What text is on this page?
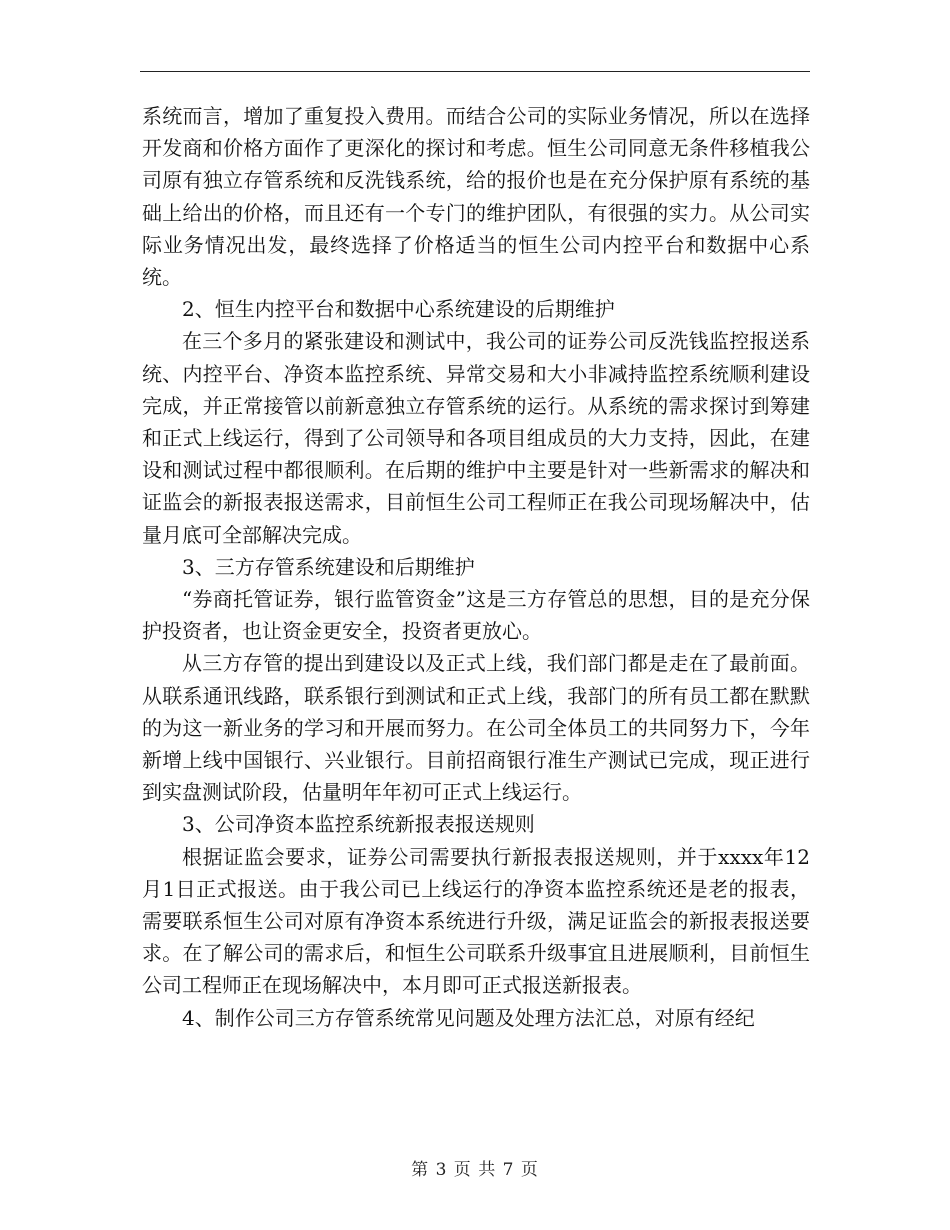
系统而言，增加了重复投入费用。而结合公司的实际业务情况，所以在选择开发商和价格方面作了更深化的探讨和考虑。恒生公司同意无条件移植我公司原有独立存管系统和反洗钱系统，给的报价也是在充分保护原有系统的基础上给出的价格，而且还有一个专门的维护团队，有很强的实力。从公司实际业务情况出发，最终选择了价格适当的恒生公司内控平台和数据中心系统。

2、恒生内控平台和数据中心系统建设的后期维护

在三个多月的紧张建设和测试中，我公司的证券公司反洗钱监控报送系统、内控平台、净资本监控系统、异常交易和大小非减持监控系统顺利建设完成，并正常接管以前新意独立存管系统的运行。从系统的需求探讨到筹建和正式上线运行，得到了公司领导和各项目组成员的大力支持，因此，在建设和测试过程中都很顺利。在后期的维护中主要是针对一些新需求的解决和证监会的新报表报送需求，目前恒生公司工程师正在我公司现场解决中，估量月底可全部解决完成。

3、三方存管系统建设和后期维护

“券商托管证券，银行监管资金”这是三方存管总的思想，目的是充分保护投资者，也让资金更安全，投资者更放心。

从三方存管的提出到建设以及正式上线，我们部门都是走在了最前面。从联系通讯线路，联系银行到测试和正式上线，我部门的所有员工都在默默的为这一新业务的学习和开展而努力。在公司全体员工的共同努力下，今年新增上线中国银行、兴业银行。目前招商银行准生产测试已完成，现正进行到实盘测试阶段，估量明年年初可正式上线运行。

3、公司净资本监控系统新报表报送规则

根据证监会要求，证券公司需要执行新报表报送规则，并于xxxx年12月1日正式报送。由于我公司已上线运行的净资本监控系统还是老的报表，需要联系恒生公司对原有净资本系统进行升级，满足证监会的新报表报送要求。在了解公司的需求后，和恒生公司联系升级事宜且进展顺利，目前恒生公司工程师正在现场解决中，本月即可正式报送新报表。

4、制作公司三方存管系统常见问题及处理方法汇总，对原有经纪

第 3 页 共 7 页
